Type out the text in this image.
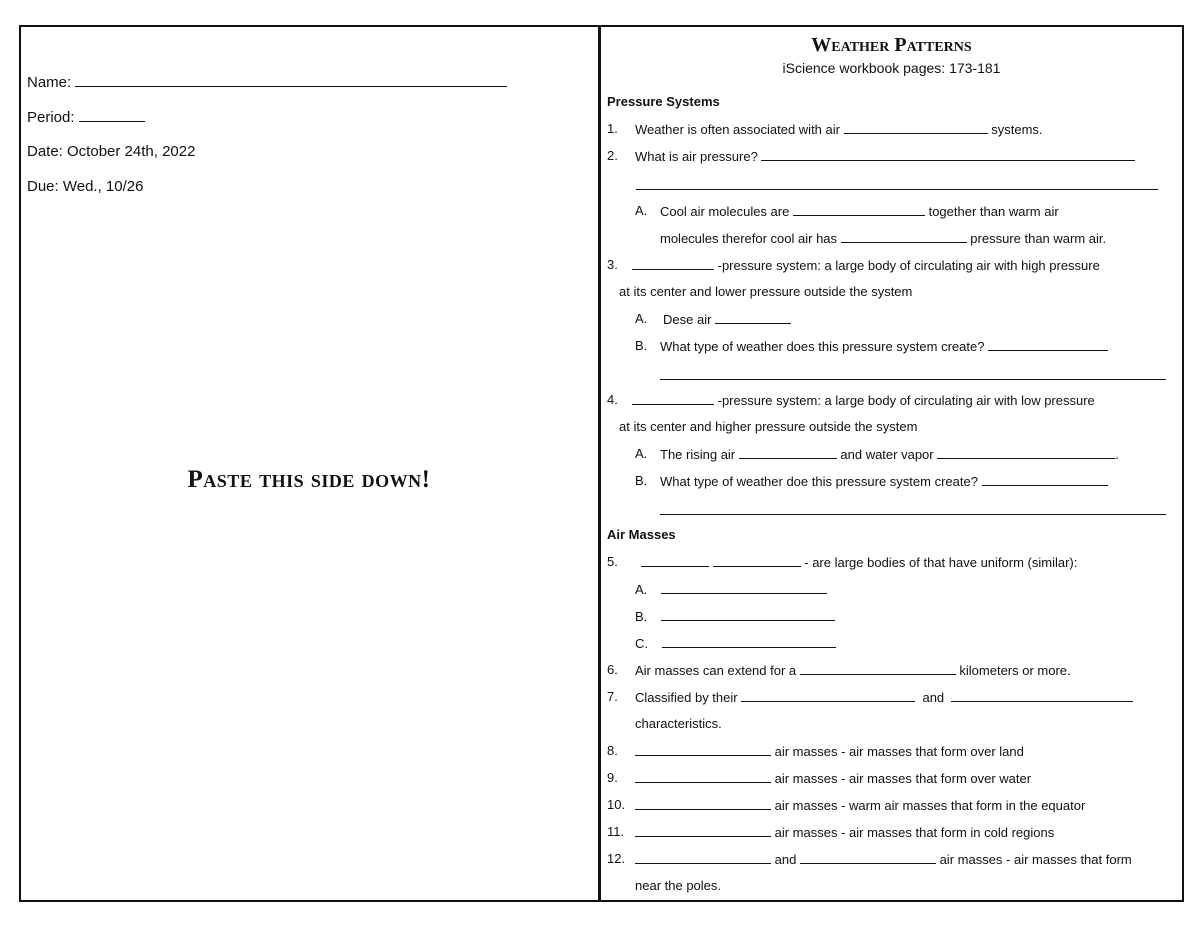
Name:
Period:
Date: October 24th, 2022
Due: Wed., 10/26
Paste this side down!
Weather Patterns
iScience workbook pages: 173-181
Pressure Systems
1. Weather is often associated with air	systems.
2. What is air pressure?
A. Cool air molecules are	together than warm air
molecules therefor cool air has	pressure than warm air.
3.	-pressure system: a large body of circulating air with high pressure
at its center and lower pressure outside the system
A. Dese air
B. What type of weather does this pressure system create?
4.	-pressure system: a large body of circulating air with low pressure
at its center and higher pressure outside the system
A. The rising air	and water vapor	.
B. What type of weather doe this pressure system create?
Air Masses
5.	- are large bodies of that have uniform (similar):
A.
B.
C.
6. Air masses can extend for a	kilometers or more.
7. Classified by their	and
characteristics.
8.	air masses - air masses that form over land
9.	air masses - air masses that form over water
10.	air masses - warm air masses that form in the equator
11.	air masses - air masses that form in cold regions
12.	and	air masses - air masses that form
near the poles.
